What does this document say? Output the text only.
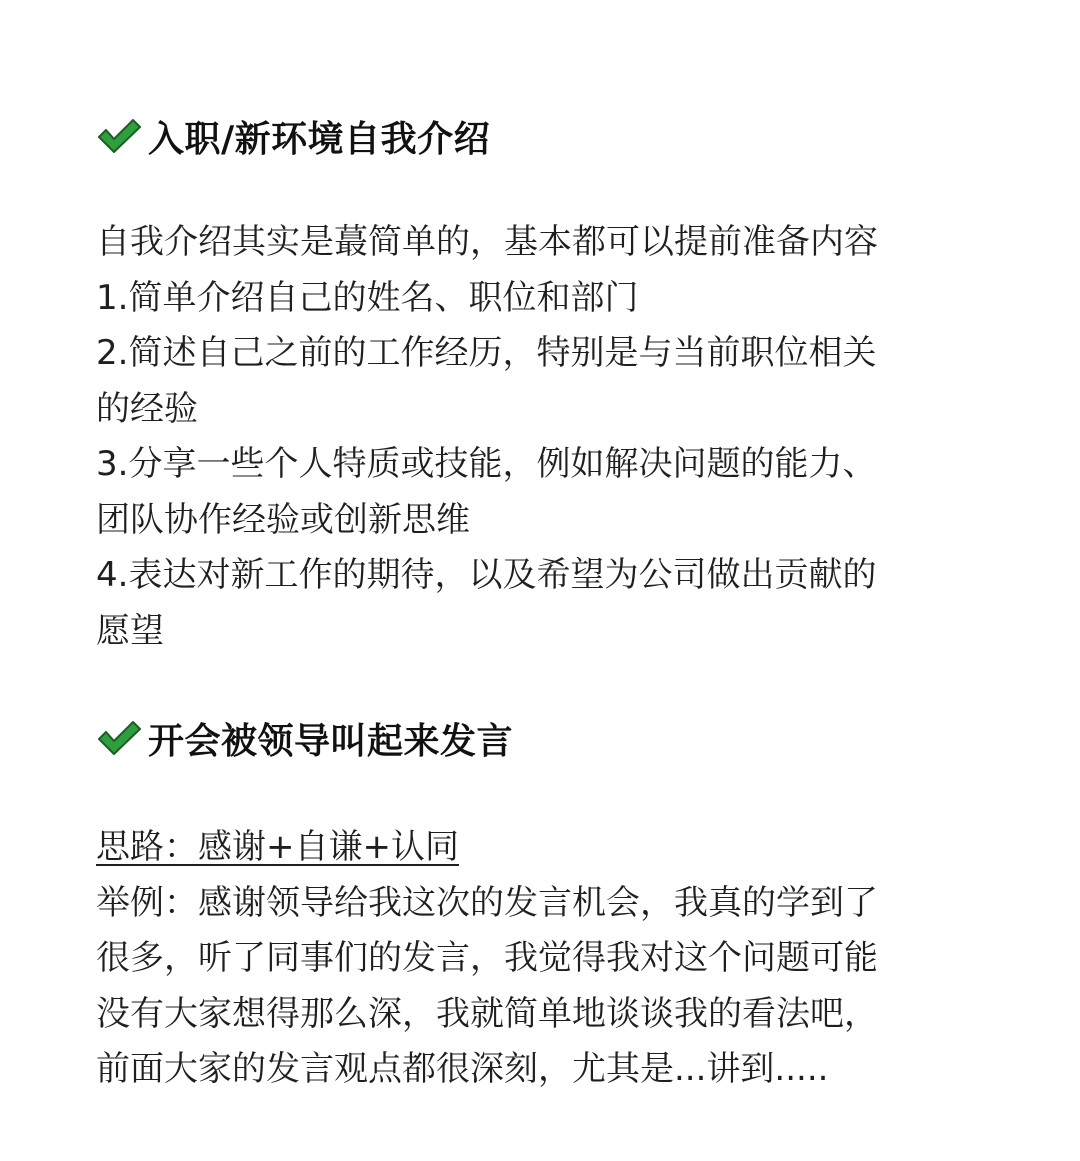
入职/新环境自我介绍
自我介绍其实是蕞简单的，基本都可以提前准备内容
1.简单介绍自己的姓名、职位和部门
2.简述自己之前的工作经历，特别是与当前职位相关
的经验
3.分享一些个人特质或技能，例如解决问题的能力、
团队协作经验或创新思维
4.表达对新工作的期待，以及希望为公司做出贡献的
愿望
开会被领导叫起来发言
思路：感谢+自谦+认同
举例：感谢领导给我这次的发言机会，我真的学到了
很多，听了同事们的发言，我觉得我对这个问题可能
没有大家想得那么深，我就简单地谈谈我的看法吧，
前面大家的发言观点都很深刻，尤其是...讲到.....
